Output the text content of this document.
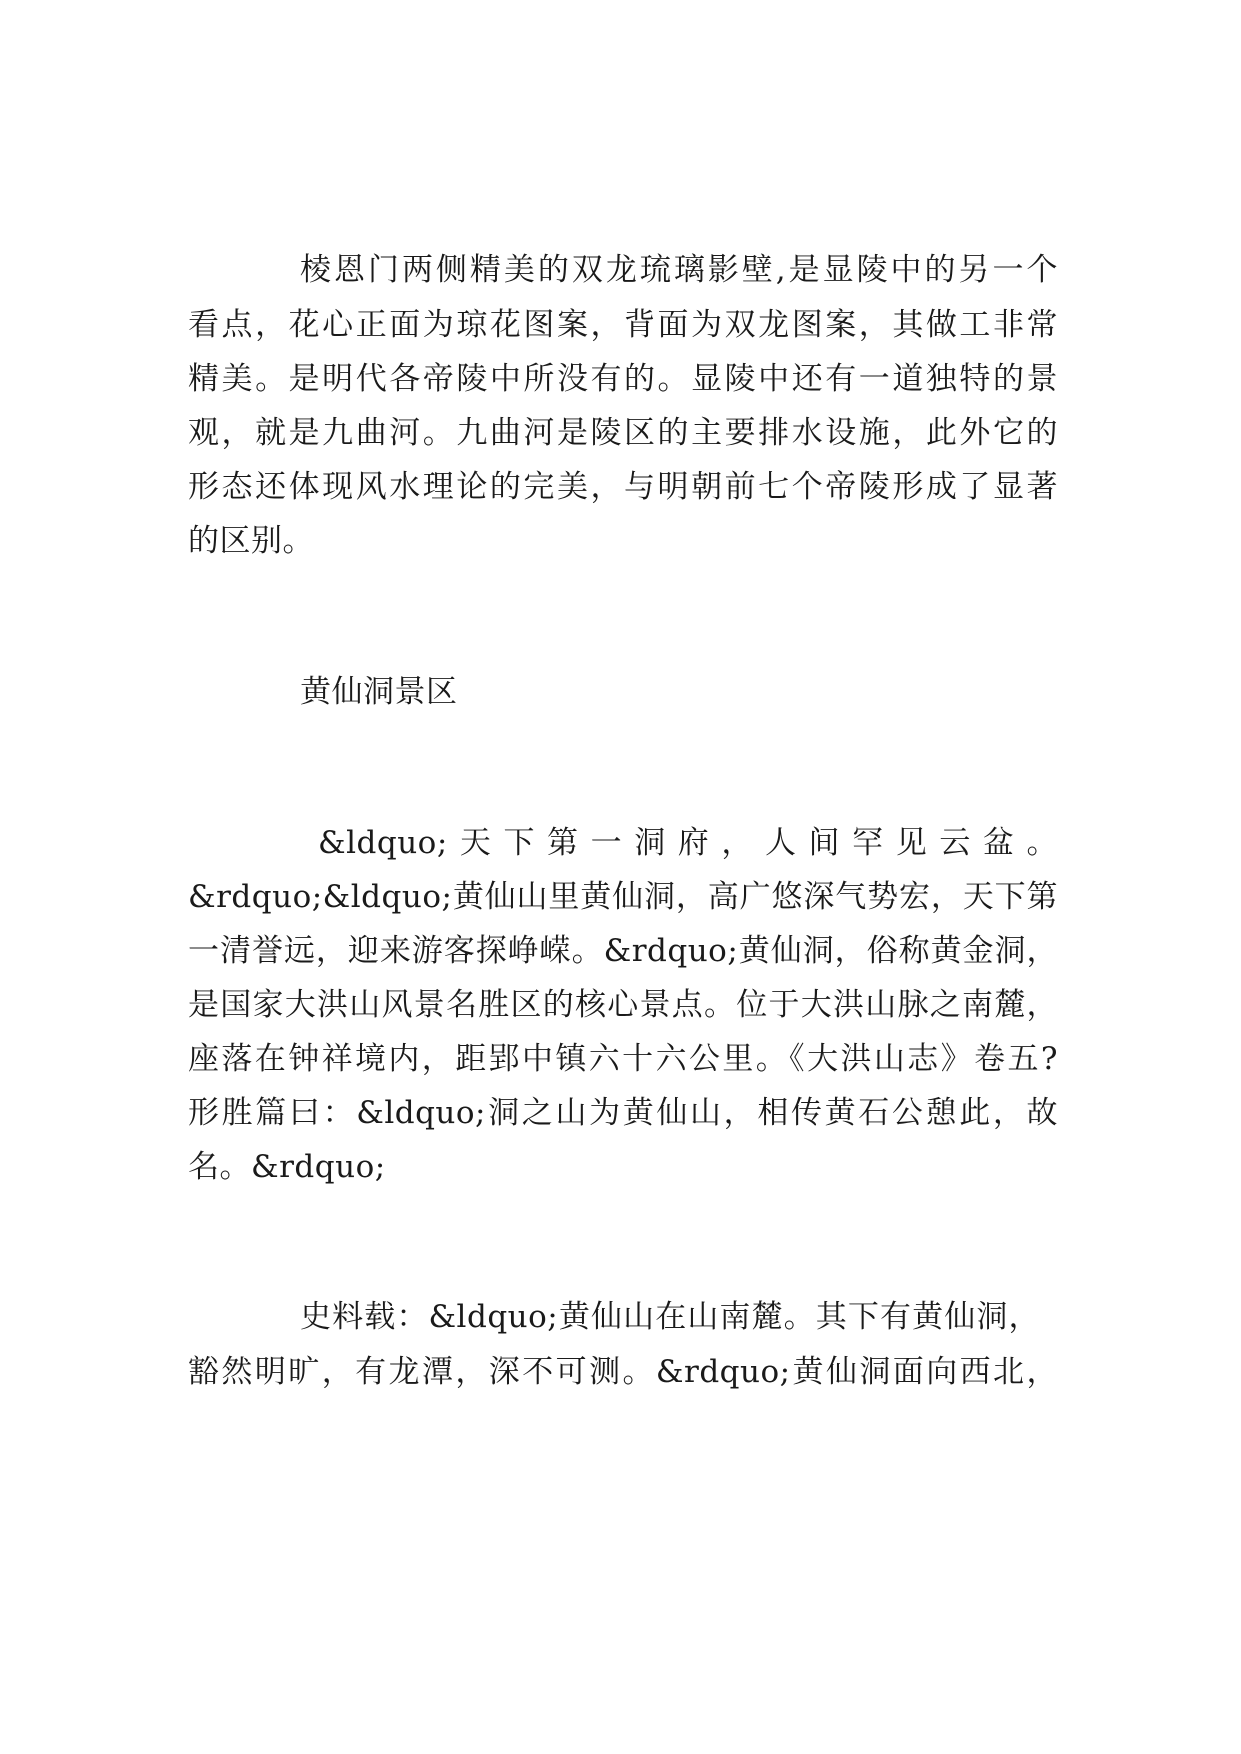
棱恩门两侧精美的双龙琉璃影壁,是显陵中的另一个
看点，花心正面为琼花图案，背面为双龙图案，其做工非常
精美。是明代各帝陵中所没有的。显陵中还有一道独特的景
观，就是九曲河。九曲河是陵区的主要排水设施，此外它的
形态还体现风水理论的完美，与明朝前七个帝陵形成了显著
的区别。
黄仙洞景区
&ldquo;天下第一洞府，人间罕见云盆。
&rdquo;&ldquo;黄仙山里黄仙洞，高广悠深气势宏，天下第
一清誉远，迎来游客探峥嵘。&rdquo;黄仙洞，俗称黄金洞，
是国家大洪山风景名胜区的核心景点。位于大洪山脉之南麓，
座落在钟祥境内，距郢中镇六十六公里。《大洪山志》卷五?
形胜篇曰：&ldquo;洞之山为黄仙山，相传黄石公憩此，故
名。&rdquo;
史料载：&ldquo;黄仙山在山南麓。其下有黄仙洞，
豁然明旷，有龙潭，深不可测。&rdquo;黄仙洞面向西北，
